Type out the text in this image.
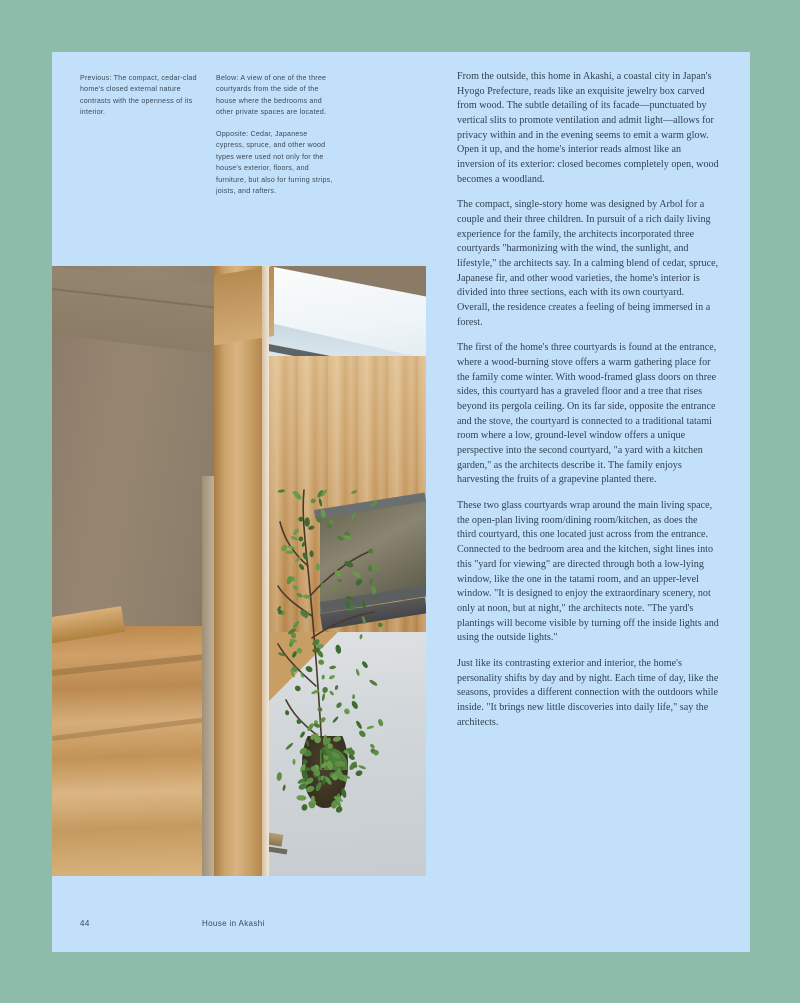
Previous: The compact, cedar-clad home's closed external nature contrasts with the openness of its interior.

Below: A view of one of the three courtyards from the side of the house where the bedrooms and other private spaces are located.

Opposite: Cedar, Japanese cypress, spruce, and other wood types were used not only for the house's exterior, floors, and furniture, but also for furring strips, joists, and rafters.

From the outside, this home in Akashi, a coastal city in Japan's Hyogo Prefecture, reads like an exquisite jewelry box carved from wood. The subtle detailing of its facade—punctuated by vertical slits to promote ventilation and admit light—allows for privacy within and in the evening seems to emit a warm glow. Open it up, and the home's interior reads almost like an inversion of its exterior: closed becomes completely open, wood becomes a woodland.

The compact, single-story home was designed by Arbol for a couple and their three children. In pursuit of a rich daily living experience for the family, the architects incorporated three courtyards "harmonizing with the wind, the sunlight, and lifestyle," the architects say. In a calming blend of cedar, spruce, Japanese fir, and other wood varieties, the home's interior is divided into three sections, each with its own courtyard. Overall, the residence creates a feeling of being immersed in a forest.

The first of the home's three courtyards is found at the entrance, where a wood-burning stove offers a warm gathering place for the family come winter. With wood-framed glass doors on three sides, this courtyard has a graveled floor and a tree that rises beyond its pergola ceiling. On its far side, opposite the entrance and the stove, the courtyard is connected to a traditional tatami room where a low, ground-level window offers a unique perspective into the second courtyard, "a yard with a kitchen garden," as the architects describe it. The family enjoys harvesting the fruits of a grapevine planted there.

These two glass courtyards wrap around the main living space, the open-plan living room/dining room/kitchen, as does the third courtyard, this one located just across from the entrance. Connected to the bedroom area and the kitchen, sight lines into this "yard for viewing" are directed through both a low-lying window, like the one in the tatami room, and an upper-level window. "It is designed to enjoy the extraordinary scenery, not only at noon, but at night," the architects note. "The yard's plantings will become visible by turning off the inside lights and using the outside lights."

Just like its contrasting exterior and interior, the home's personality shifts by day and by night. Each time of day, like the seasons, provides a different connection with the outdoors while inside. "It brings new little discoveries into daily life," say the architects.

44	House in Akashi
